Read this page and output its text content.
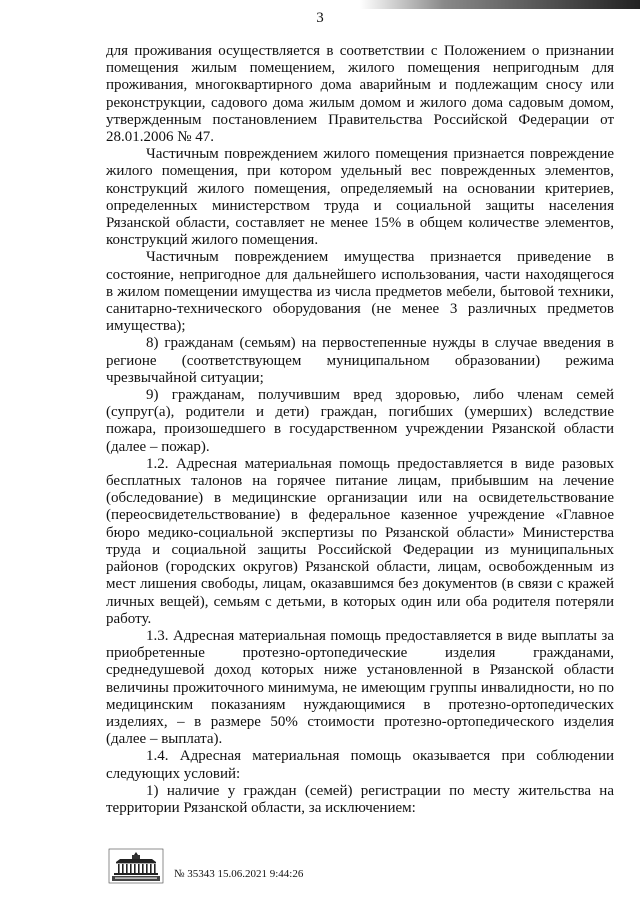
3

для проживания осуществляется в соответствии с Положением о признании помещения жилым помещением, жилого помещения непригодным для проживания, многоквартирного дома аварийным и подлежащим сносу или реконструкции, садового дома жилым домом и жилого дома садовым домом, утвержденным постановлением Правительства Российской Федерации от 28.01.2006 № 47.

Частичным повреждением жилого помещения признается повреждение жилого помещения, при котором удельный вес поврежденных элементов, конструкций жилого помещения, определяемый на основании критериев, определенных министерством труда и социальной защиты населения Рязанской области, составляет не менее 15% в общем количестве элементов, конструкций жилого помещения.

Частичным повреждением имущества признается приведение в состояние, непригодное для дальнейшего использования, части находящегося в жилом помещении имущества из числа предметов мебели, бытовой техники, санитарно-технического оборудования (не менее 3 различных предметов имущества);

8) гражданам (семьям) на первостепенные нужды в случае введения в регионе (соответствующем муниципальном образовании) режима чрезвычайной ситуации;

9) гражданам, получившим вред здоровью, либо членам семей (супруг(а), родители и дети) граждан, погибших (умерших) вследствие пожара, произошедшего в государственном учреждении Рязанской области (далее – пожар).

1.2. Адресная материальная помощь предоставляется в виде разовых бесплатных талонов на горячее питание лицам, прибывшим на лечение (обследование) в медицинские организации или на освидетельствование (переосвидетельствование) в федеральное казенное учреждение «Главное бюро медико-социальной экспертизы по Рязанской области» Министерства труда и социальной защиты Российской Федерации из муниципальных районов (городских округов) Рязанской области, лицам, освобожденным из мест лишения свободы, лицам, оказавшимся без документов (в связи с кражей личных вещей), семьям с детьми, в которых один или оба родителя потеряли работу.

1.3. Адресная материальная помощь предоставляется в виде выплаты за приобретенные протезно-ортопедические изделия гражданами, среднедушевой доход которых ниже установленной в Рязанской области величины прожиточного минимума, не имеющим группы инвалидности, но по медицинским показаниям нуждающимися в протезно-ортопедических изделиях, – в размере 50% стоимости протезно-ортопедического изделия (далее – выплата).

1.4. Адресная материальная помощь оказывается при соблюдении следующих условий:

1) наличие у граждан (семей) регистрации по месту жительства на территории Рязанской области, за исключением:

№ 35343 15.06.2021 9:44:26
